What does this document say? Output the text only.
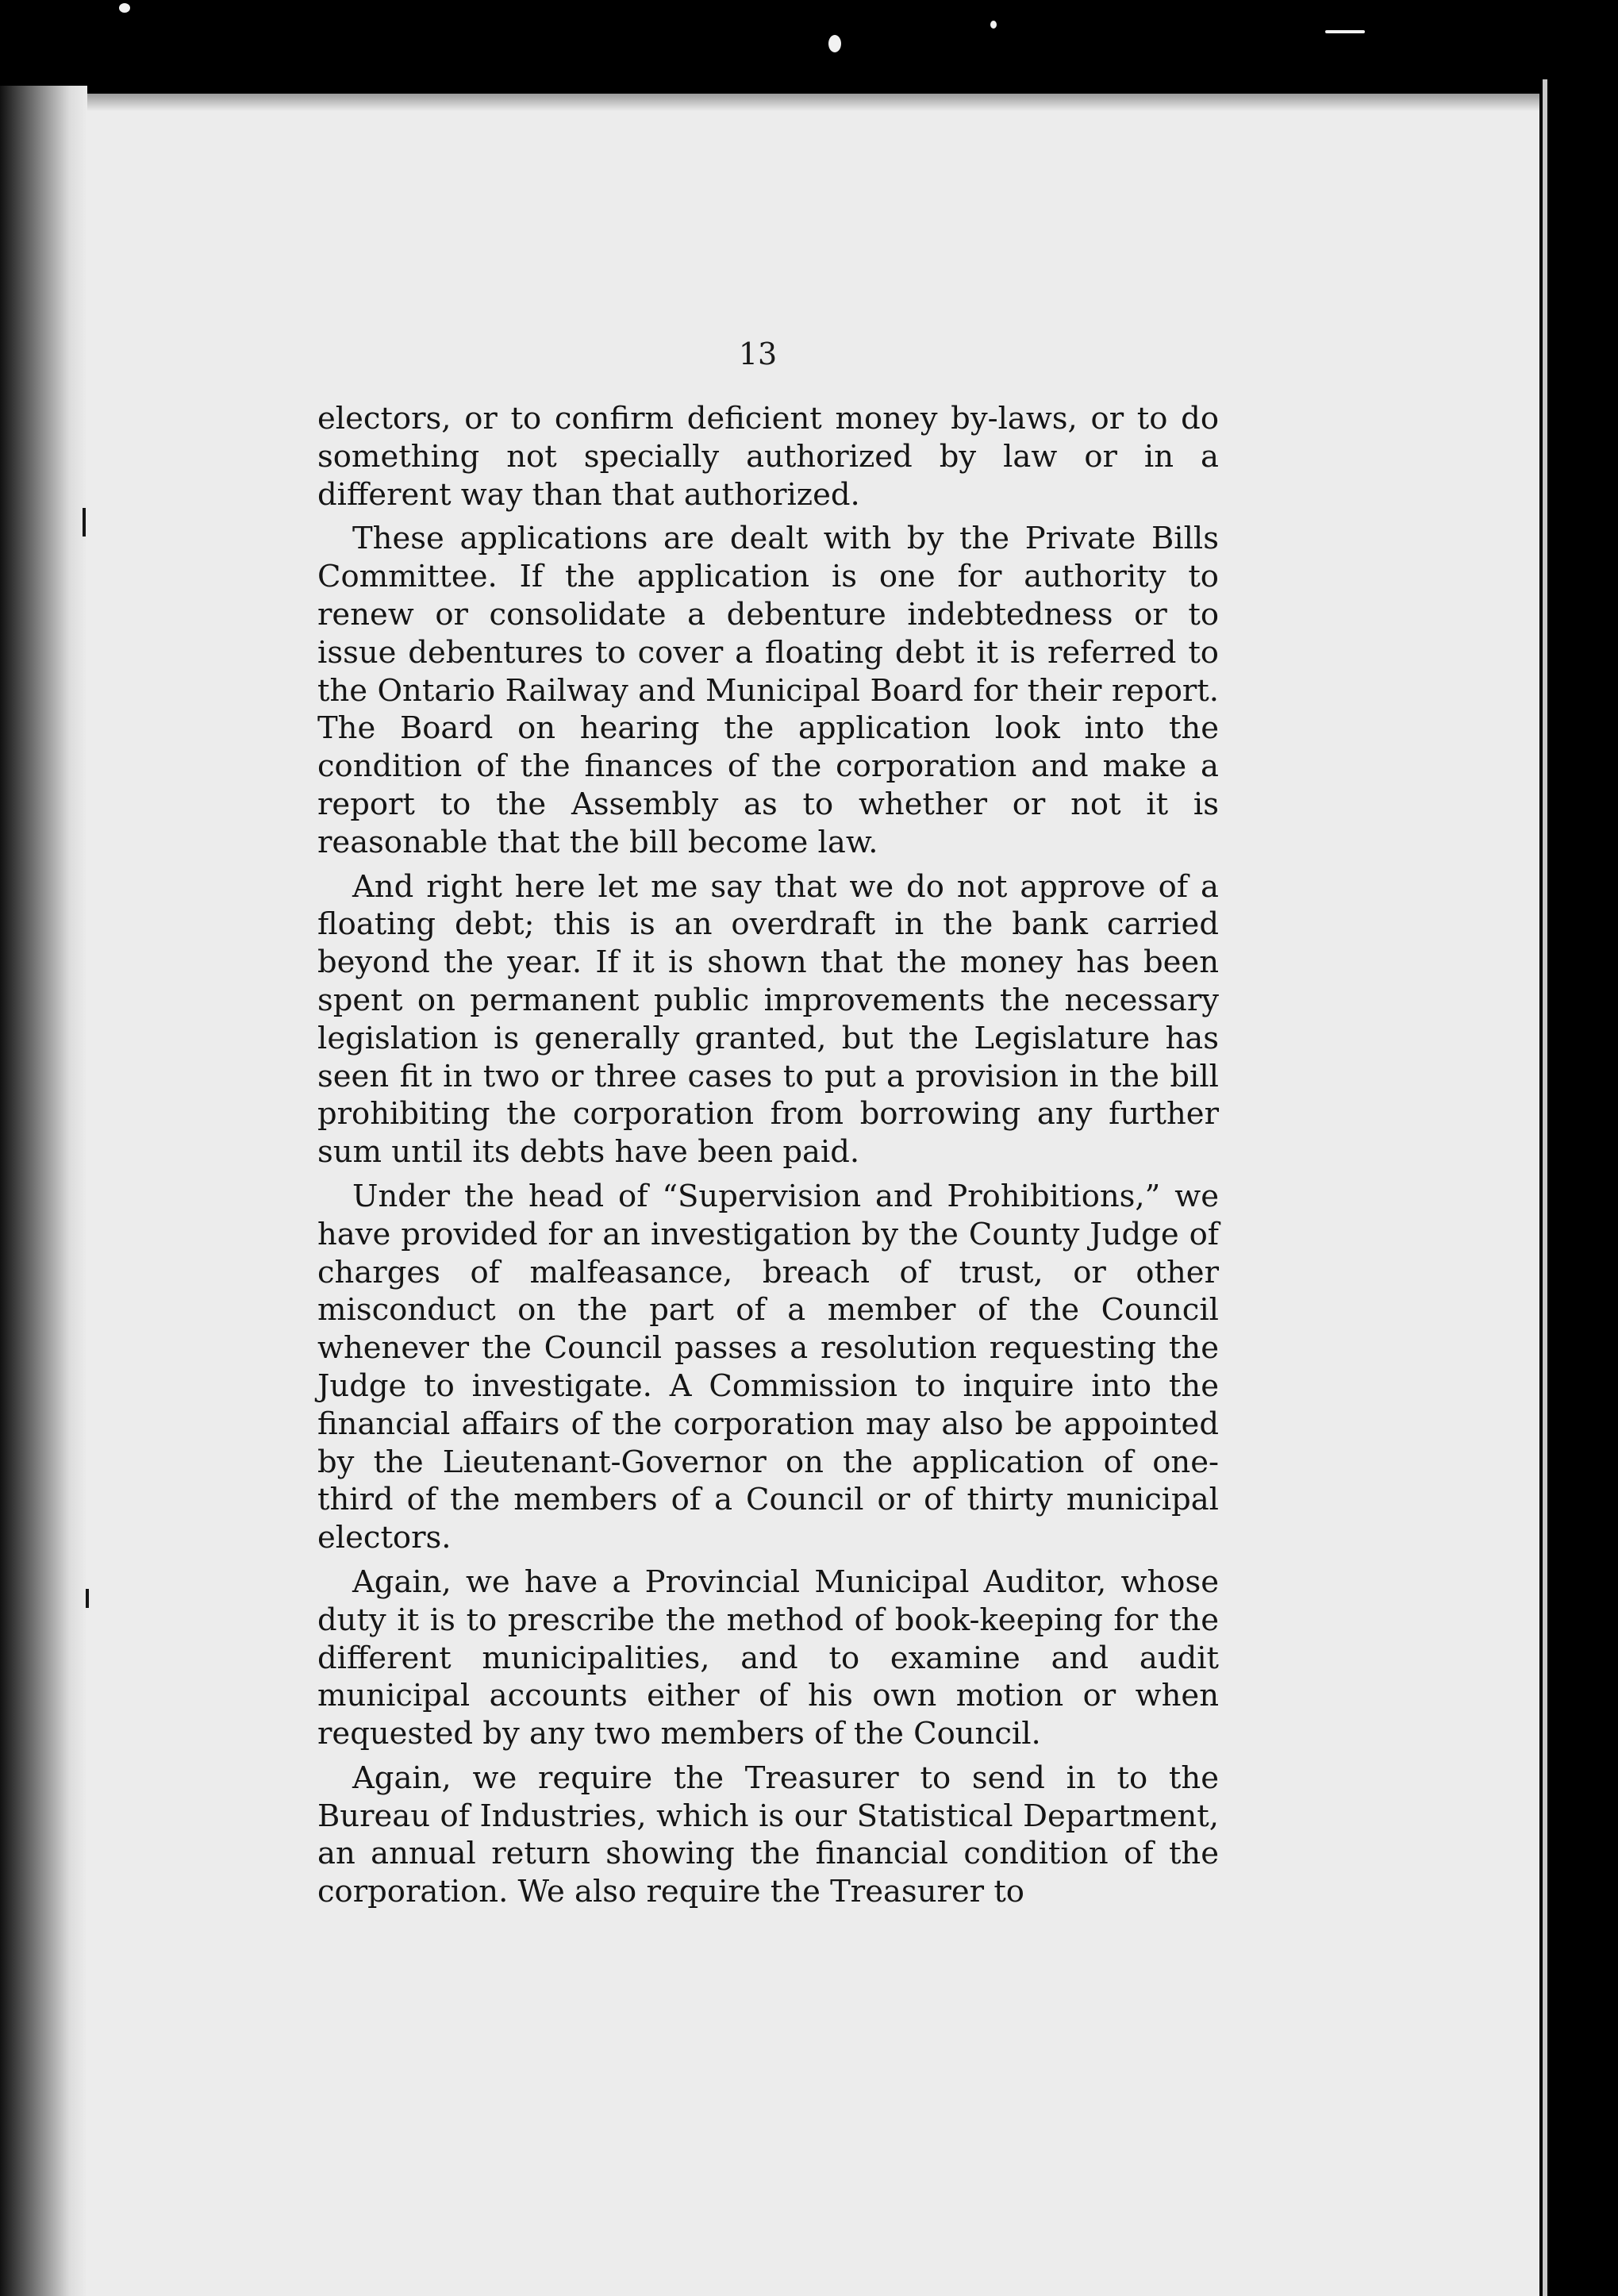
13

electors, or to confirm deficient money by-laws, or to do something not specially authorized by law or in a different way than that authorized.

These applications are dealt with by the Private Bills Committee. If the application is one for authority to renew or consolidate a debenture indebtedness or to issue debentures to cover a floating debt it is referred to the Ontario Railway and Municipal Board for their report. The Board on hearing the application look into the condition of the finances of the corporation and make a report to the Assembly as to whether or not it is reasonable that the bill become law.

And right here let me say that we do not approve of a floating debt; this is an overdraft in the bank carried beyond the year. If it is shown that the money has been spent on permanent public improvements the necessary legislation is generally granted, but the Legislature has seen fit in two or three cases to put a provision in the bill prohibiting the corporation from borrowing any further sum until its debts have been paid.

Under the head of “Supervision and Prohibitions,” we have provided for an investigation by the County Judge of charges of malfeasance, breach of trust, or other misconduct on the part of a member of the Council whenever the Council passes a resolution requesting the Judge to investigate. A Commission to inquire into the financial affairs of the corporation may also be appointed by the Lieutenant-Governor on the application of one-third of the members of a Council or of thirty municipal electors.

Again, we have a Provincial Municipal Auditor, whose duty it is to prescribe the method of book-keeping for the different municipalities, and to examine and audit municipal accounts either of his own motion or when requested by any two members of the Council.

Again, we require the Treasurer to send in to the Bureau of Industries, which is our Statistical Department, an annual return showing the financial condition of the corporation. We also require the Treasurer to
